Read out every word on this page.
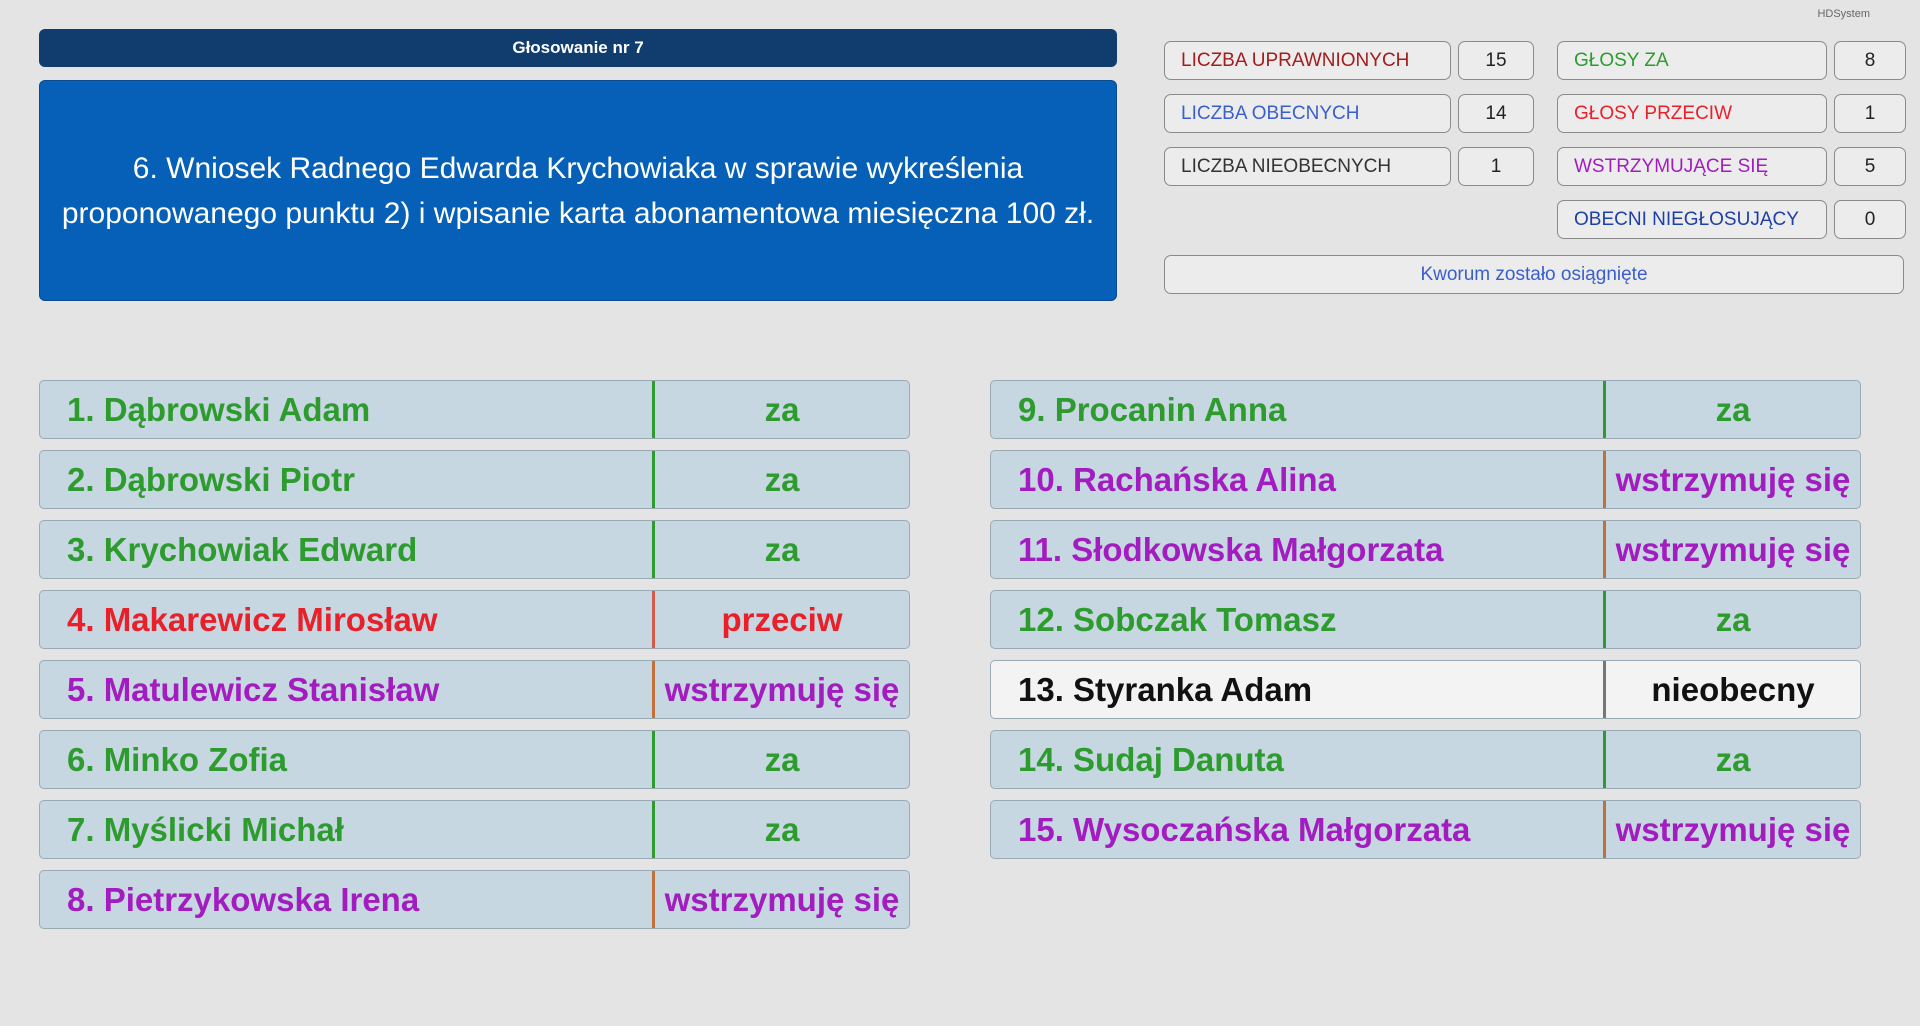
HDSystem
Głosowanie nr 7
6. Wniosek Radnego Edwarda Krychowiaka w sprawie wykreślenia proponowanego punktu 2) i wpisanie karta abonamentowa miesięczna 100 zł.
LICZBA UPRAWNIONYCH	15
LICZBA OBECNYCH	14
LICZBA NIEOBECNYCH	1
GŁOSY ZA	8
GŁOSY PRZECIW	1
WSTRZYMUJĄCE SIĘ	5
OBECNI NIEGŁOSUJĄCY	0
Kworum zostało osiągnięte
1. Dąbrowski Adam	za
2. Dąbrowski Piotr	za
3. Krychowiak Edward	za
4. Makarewicz Mirosław	przeciw
5. Matulewicz Stanisław	wstrzymuję się
6. Minko Zofia	za
7. Myślicki Michał	za
8. Pietrzykowska Irena	wstrzymuję się
9. Procanin Anna	za
10. Rachańska Alina	wstrzymuję się
11. Słodkowska Małgorzata	wstrzymuję się
12. Sobczak Tomasz	za
13. Styranka Adam	nieobecny
14. Sudaj Danuta	za
15. Wysoczańska Małgorzata	wstrzymuję się
